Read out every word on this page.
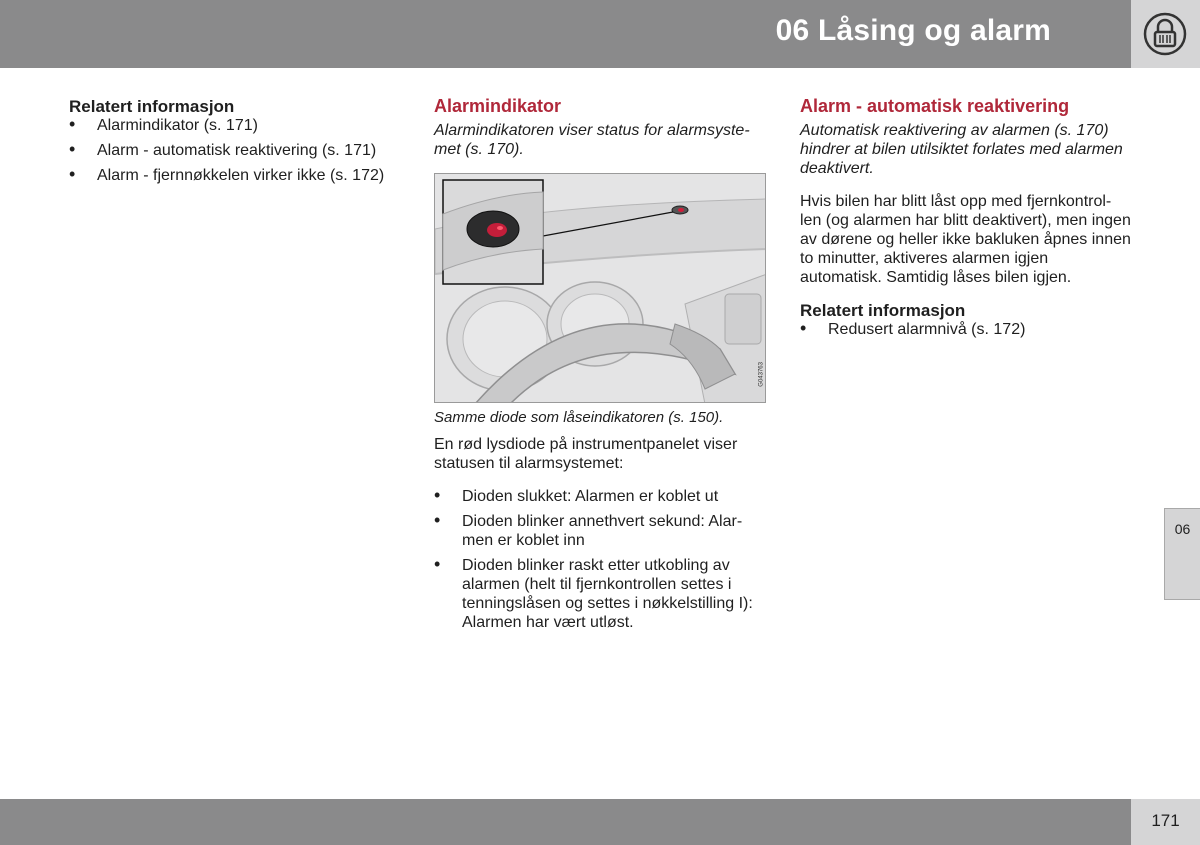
06 Låsing og alarm
Relatert informasjon
• Alarmindikator (s. 171)
• Alarm - automatisk reaktivering (s. 171)
• Alarm - fjernnøkkelen virker ikke (s. 172)
Alarmindikator
Alarmindikatoren viser status for alarmsyste-met (s. 170).
G043763
Samme diode som låseindikatoren (s. 150).

En rød lysdiode på instrumentpanelet viser statusen til alarmsystemet:

• Dioden slukket: Alarmen er koblet ut
• Dioden blinker annethvert sekund: Alar-men er koblet inn
• Dioden blinker raskt etter utkobling av alarmen (helt til fjernkontrollen settes i tenningslåsen og settes i nøkkelstilling I): Alarmen har vært utløst.
Alarm - automatisk reaktivering
Automatisk reaktivering av alarmen (s. 170) hindrer at bilen utilsiktet forlates med alarmen deaktivert.

Hvis bilen har blitt låst opp med fjernkontrol-len (og alarmen har blitt deaktivert), men ingen av dørene og heller ikke bakluken åpnes innen to minutter, aktiveres alarmen igjen automatisk. Samtidig låses bilen igjen.

Relatert informasjon
• Redusert alarmnivå (s. 172)
06
171
